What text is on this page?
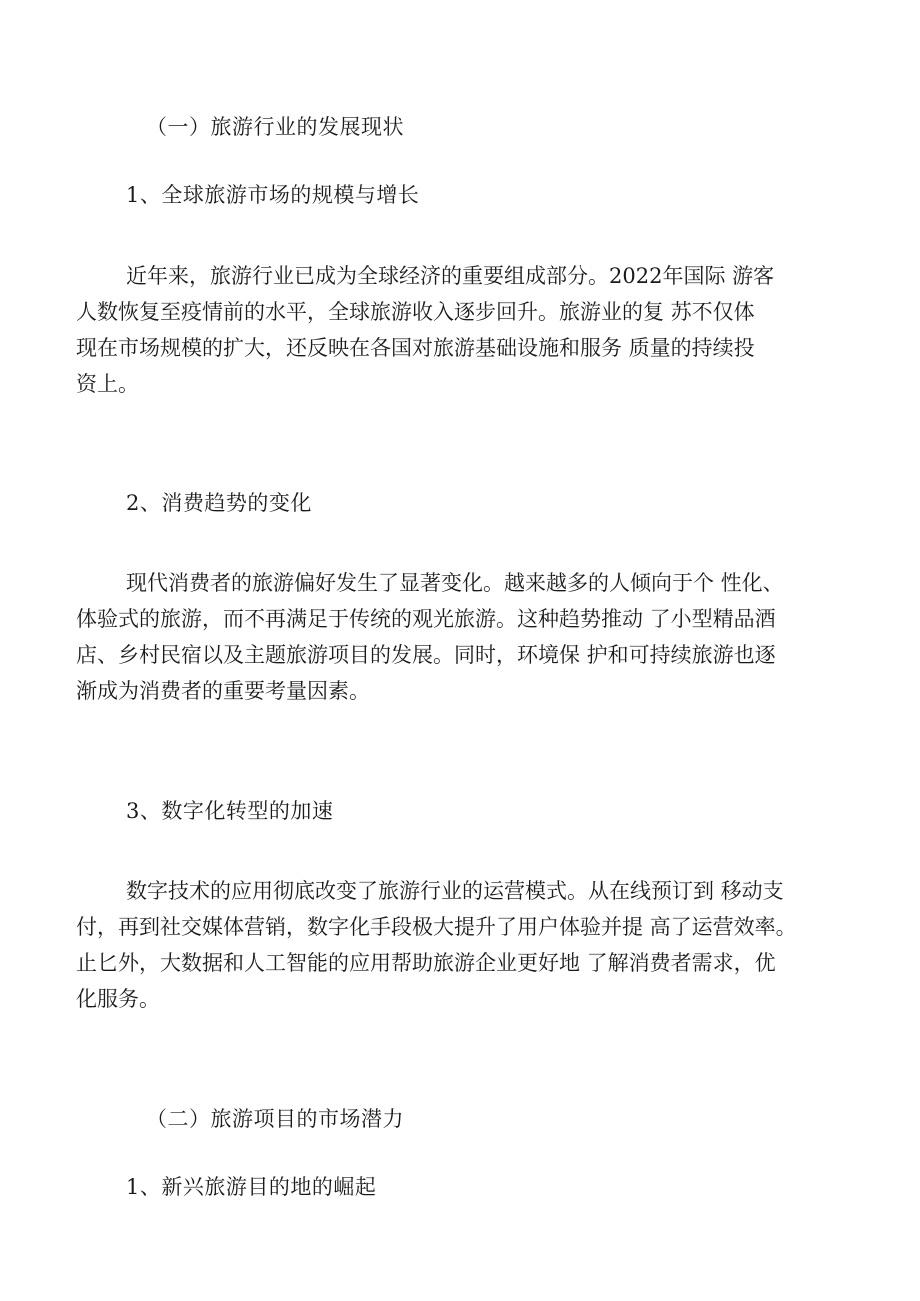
（一）旅游行业的发展现状
1、全球旅游市场的规模与增长
近年来，旅游行业已成为全球经济的重要组成部分。2022年国际 游客
人数恢复至疫情前的水平，全球旅游收入逐步回升。旅游业的复 苏不仅体
现在市场规模的扩大，还反映在各国对旅游基础设施和服务 质量的持续投
资上。
2、消费趋势的变化
现代消费者的旅游偏好发生了显著变化。越来越多的人倾向于个 性化、
体验式的旅游，而不再满足于传统的观光旅游。这种趋势推动 了小型精品酒
店、乡村民宿以及主题旅游项目的发展。同时，环境保 护和可持续旅游也逐
渐成为消费者的重要考量因素。
3、数字化转型的加速
数字技术的应用彻底改变了旅游行业的运营模式。从在线预订到 移动支
付，再到社交媒体营销，数字化手段极大提升了用户体验并提 高了运营效率。
止匕外，大数据和人工智能的应用帮助旅游企业更好地 了解消费者需求，优
化服务。
（二）旅游项目的市场潜力
1、新兴旅游目的地的崛起
